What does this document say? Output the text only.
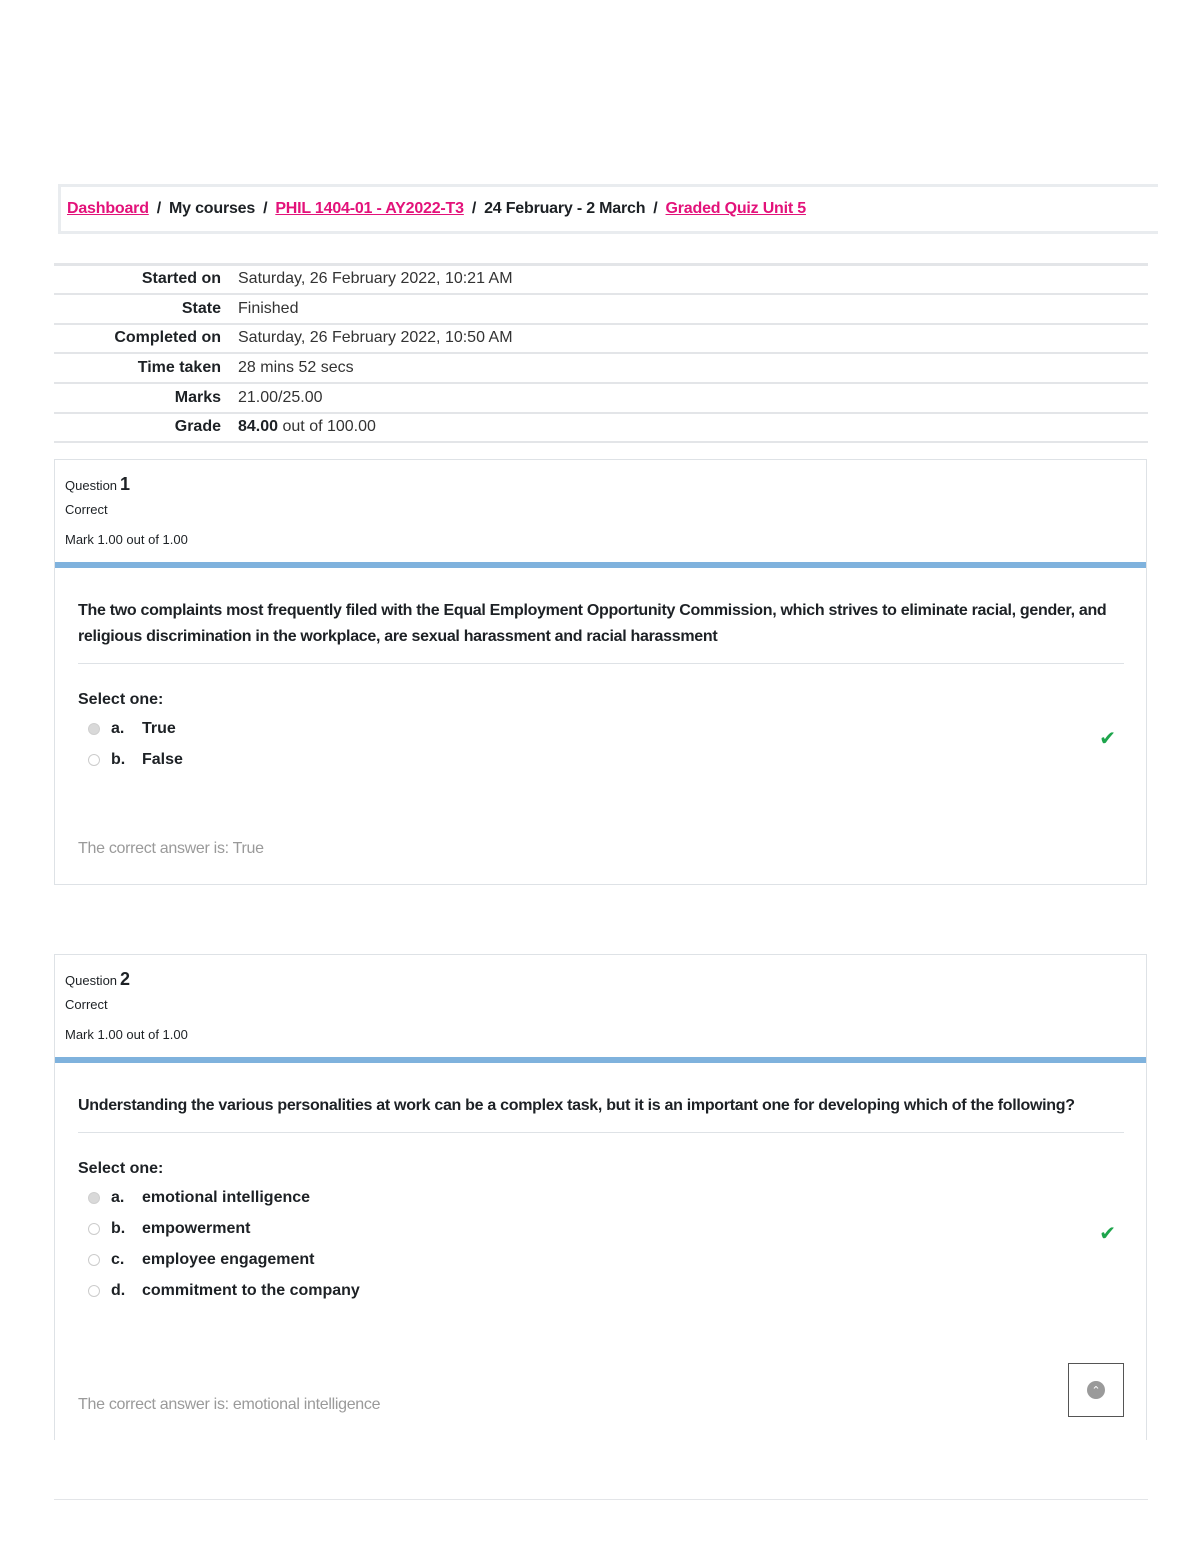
Dashboard / My courses / PHIL 1404-01 - AY2022-T3 / 24 February - 2 March / Graded Quiz Unit 5
Started on Saturday, 26 February 2022, 10:21 AM
State Finished
Completed on Saturday, 26 February 2022, 10:50 AM
Time taken 28 mins 52 secs
Marks 21.00/25.00
Grade 84.00 out of 100.00
Question 1
Correct
Mark 1.00 out of 1.00
The two complaints most frequently filed with the Equal Employment Opportunity Commission, which strives to eliminate racial, gender, and religious discrimination in the workplace, are sexual harassment and racial harassment
Select one:
a.	True
b.	False
✔
The correct answer is: True
Question 2
Correct
Mark 1.00 out of 1.00
Understanding the various personalities at work can be a complex task, but it is an important one for developing which of the following?
Select one:
a.	emotional intelligence
b.	empowerment
c.	employee engagement
d.	commitment to the company
✔
The correct answer is: emotional intelligence
⌃
